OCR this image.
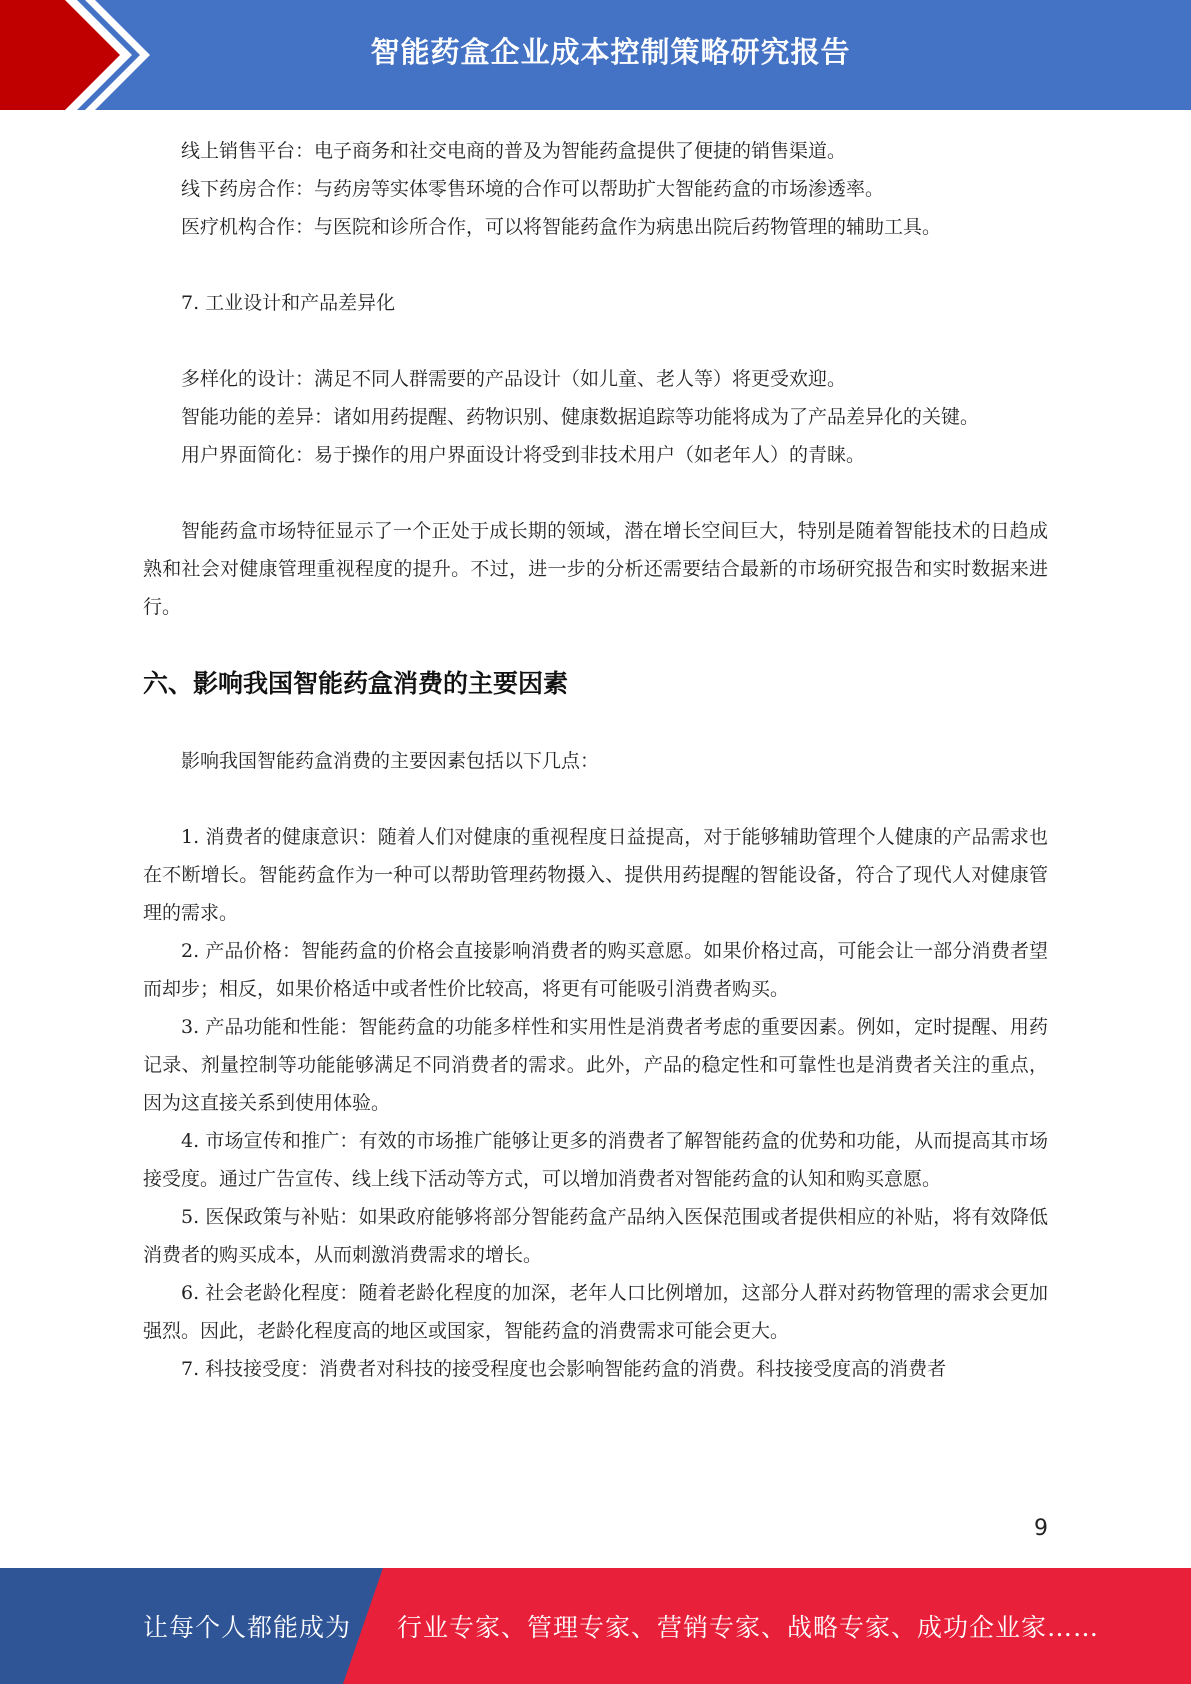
智能药盒企业成本控制策略研究报告

线上销售平台：电子商务和社交电商的普及为智能药盒提供了便捷的销售渠道。

线下药房合作：与药房等实体零售环境的合作可以帮助扩大智能药盒的市场渗透率。

医疗机构合作：与医院和诊所合作，可以将智能药盒作为病患出院后药物管理的辅助工具。

7. 工业设计和产品差异化

多样化的设计：满足不同人群需要的产品设计（如儿童、老人等）将更受欢迎。

智能功能的差异：诸如用药提醒、药物识别、健康数据追踪等功能将成为了产品差异化的关键。

用户界面简化：易于操作的用户界面设计将受到非技术用户（如老年人）的青睐。

智能药盒市场特征显示了一个正处于成长期的领域，潜在增长空间巨大，特别是随着智能技术的日趋成熟和社会对健康管理重视程度的提升。不过，进一步的分析还需要结合最新的市场研究报告和实时数据来进行。

六、影响我国智能药盒消费的主要因素

影响我国智能药盒消费的主要因素包括以下几点：

1. 消费者的健康意识：随着人们对健康的重视程度日益提高，对于能够辅助管理个人健康的产品需求也在不断增长。智能药盒作为一种可以帮助管理药物摄入、提供用药提醒的智能设备，符合了现代人对健康管理的需求。

2. 产品价格：智能药盒的价格会直接影响消费者的购买意愿。如果价格过高，可能会让一部分消费者望而却步；相反，如果价格适中或者性价比较高，将更有可能吸引消费者购买。

3. 产品功能和性能：智能药盒的功能多样性和实用性是消费者考虑的重要因素。例如，定时提醒、用药记录、剂量控制等功能能够满足不同消费者的需求。此外，产品的稳定性和可靠性也是消费者关注的重点，因为这直接关系到使用体验。

4. 市场宣传和推广：有效的市场推广能够让更多的消费者了解智能药盒的优势和功能，从而提高其市场接受度。通过广告宣传、线上线下活动等方式，可以增加消费者对智能药盒的认知和购买意愿。

5. 医保政策与补贴：如果政府能够将部分智能药盒产品纳入医保范围或者提供相应的补贴，将有效降低消费者的购买成本，从而刺激消费需求的增长。

6. 社会老龄化程度：随着老龄化程度的加深，老年人口比例增加，这部分人群对药物管理的需求会更加强烈。因此，老龄化程度高的地区或国家，智能药盒的消费需求可能会更大。

7. 科技接受度：消费者对科技的接受程度也会影响智能药盒的消费。科技接受度高的消费者

9
让每个人都能成为 行业专家、管理专家、营销专家、战略专家、成功企业家……
